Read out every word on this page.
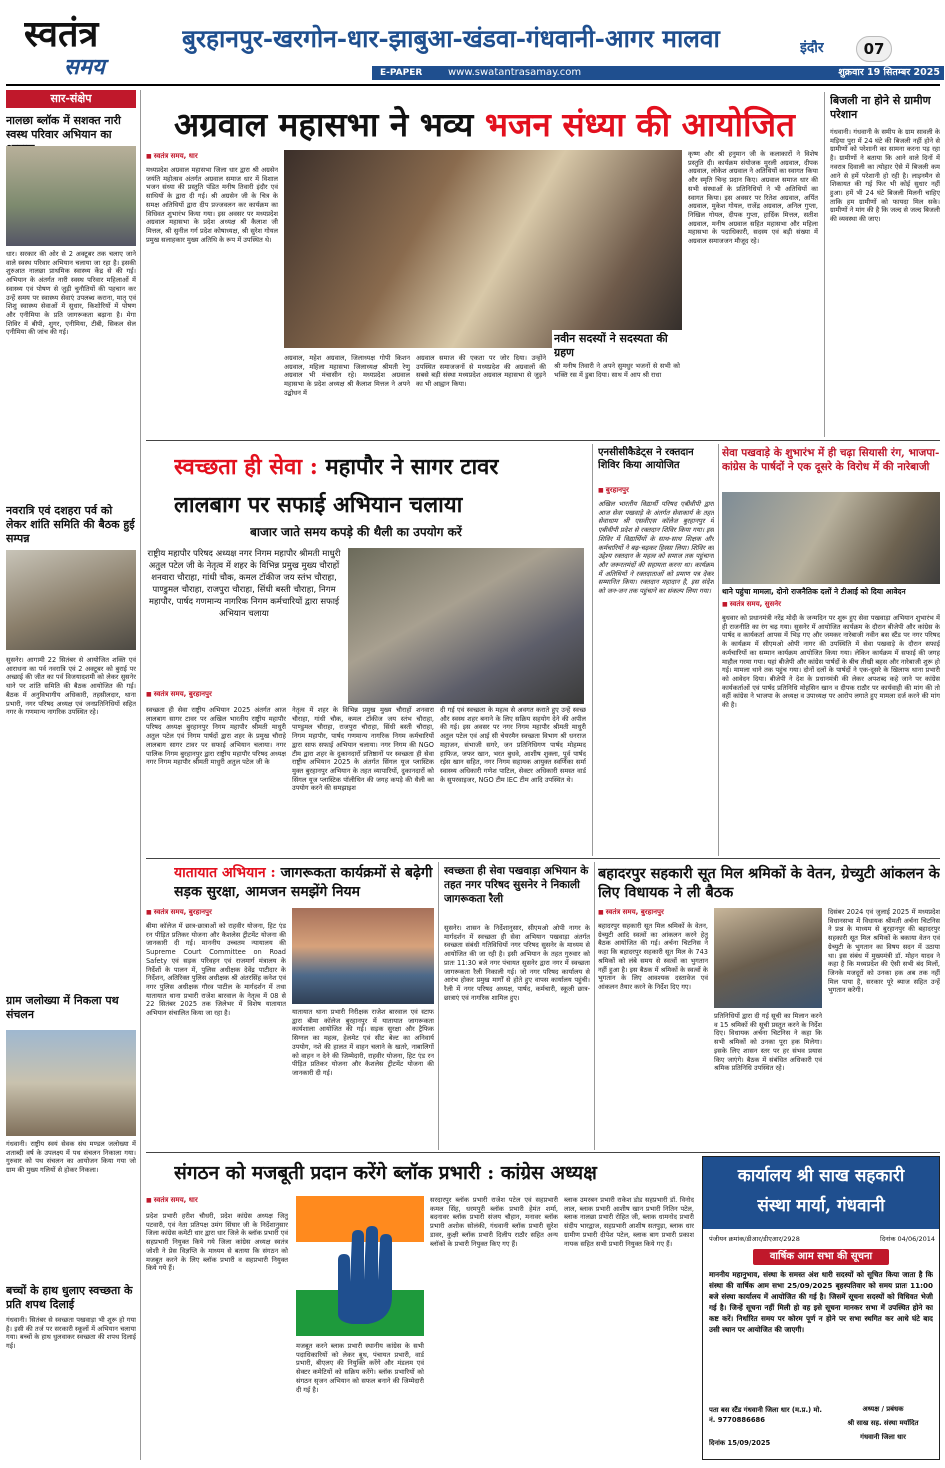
स्वतंत्र
समय
बुरहानपुर-खरगोन-धार-झाबुआ-खंडवा-गंधवानी-आगर मालवा	इंदौर	07
E-PAPER	www.swatantrasamay.com	शुक्रवार 19 सितम्बर 2025
सार-संक्षेप
नालछा ब्लॉक में सशक्त नारी स्वस्थ परिवार अभियान का
धार। सरकार की ओर से 2 अक्टूबर तक चलाए जाने वाले स्वस्थ परिवार अभियान चलाया जा रहा है। इसकी शुरुआत नालछा प्राथमिक स्वास्थ्य केंद्र से की गई। अभियान के अंतर्गत नारी स्वस्थ परिवार महिलाओं में स्वास्थ्य एवं पोषण से जुड़ी चुनौतियों की पहचान कर उन्हें समय पर स्वास्थ्य सेवाएं उपलब्ध कराना, मातृ एवं शिशु स्वास्थ्य सेवाओं में सुधार, किशोरियों में पोषण और एनीमिया के प्रति जागरूकता बढ़ाना है। मेगा शिविर में बीपी, शुगर, एनीमिया, टीबी, सिकल सेल एनीमिया की जांच की गई।
नवरात्रि एवं दशहरा पर्व को लेकर शांति समिति की बैठक हुई सम्पन्न
सुसनेर। आगामी 22 सितंबर से आयोजित शक्ति एवं आराधना का पर्व नवरात्रि एवं 2 अक्टूबर को बुराई पर अच्छाई की जीत का पर्व विजयादशमी को लेकर सुसनेर थाने पर शांति समिति की बैठक आयोजित की गई। बैठक में अनुविभागीय अधिकारी, तहसीलदार, थाना प्रभारी, नगर परिषद अध्यक्ष एवं जनप्रतिनिधियों सहित नगर के गणमान्य नागरिक उपस्थित रहे।
ग्राम जलोख्या में निकला पथ संचलन
गंधवानी। राष्ट्रीय स्वयं सेवक संघ मण्डल जलोख्या में शताब्दी वर्ष के उपलक्ष्य में पथ संचलन निकाला गया। गुरुवार को पथ संचलन का आयोजन किया गया जो ग्राम की मुख्य गलियों से होकर निकला।
बच्चों के हाथ धुलाए स्वच्छता के प्रति शपथ दिलाई
गंधवानी। सितंबर से स्वच्छता पखवाड़ा भी शुरू हो गया है। इसी की तर्ज पर सरकारी स्कूलों में अभियान चलाया गया। बच्चों के हाथ धुलवाकर स्वच्छता की शपथ दिलाई गई।
अग्रवाल महासभा ने भव्य भजन संध्या की आयोजित
■ स्वतंत्र समय, धार
मध्यप्रदेश अग्रवाल महासभा जिला धार द्वारा श्री अग्रसेन जयंति महोत्सव अंतर्गत अग्रवाल समाज धार में विशाल भजन संध्या की प्रस्तुति पंडित मनीष तिवारी इंदौर एवं साथियों के द्वारा दी गई। श्री अग्रसेन जी के चित्र के समक्ष अतिथियों द्वारा दीप प्रज्जवलन कर कार्यक्रम का विधिवत शुभारंभ किया गया। इस अवसर पर मध्यप्रदेश अग्रवाल महासभा के प्रदेश अध्यक्ष श्री कैलाश जी मित्तल, श्री सुनील गर्ग प्रदेश कोषाध्यक्ष, श्री सुरेश गोयल प्रमुख सलाहकार मुख्य अतिथि के रूप में उपस्थित थे।
अग्रवाल, महेश अग्रवाल, जिलाध्यक्ष गोपी किशन अग्रवाल, महिला महासभा जिलाध्यक्ष श्रीमती रेणु अग्रवाल भी मंचासीन रहे। मध्यप्रदेश अग्रवाल महासभा के प्रदेश अध्यक्ष श्री कैलाश मित्तल ने अपने उद्बोधन में
अग्रवाल समाज की एकता पर जोर दिया। उन्होंने उपस्थित समाजजनों से मध्यप्रदेश की अग्रवालों की सबसे बड़ी संस्था मध्यप्रदेश अग्रवाल महासभा से जुड़ने का भी आह्वान किया।
नवीन सदस्यों ने सदस्यता की ग्रहण
श्री मनीष तिवारी ने अपने सुमधुर भजनों से सभी को भक्ति रस में डुबा दिया। साथ में आप श्री राधा
कृष्ण और श्री हनुमान जी के कलाकारों ने विशेष प्रस्तुति दी। कार्यक्रम संयोजक मुरली अग्रवाल, दीपक अग्रवाल, लोकेश अग्रवाल ने अतिथियों का स्वागत किया और स्मृति चिन्ह प्रदान किए। अग्रवाल समाज धार की सभी संस्थाओं के प्रतिनिधियों ने भी अतिथियों का स्वागत किया। इस अवसर पर रितेश अग्रवाल, अर्पित अग्रवाल, मुकेश गोयल, राजेंद्र अग्रवाल, अनिल गुप्ता, निखिल गोयल, दीपक गुप्ता, हार्दिक मित्तल, सतीश अग्रवाल, मनीष अग्रवाल सहित महासभा और महिला महासभा के पदाधिकारी, सदस्य एवं बड़ी संख्या में अग्रवाल समाजजन मौजूद रहे।
बिजली ना होने से ग्रामीण परेशान
गंधवानी। गंधवानी के समीप के ग्राम सावली के मड़िया पुरा में 24 घंटे की बिजली नहीं होने से ग्रामीणों को परेशानी का सामना करना पड़ रहा है। ग्रामीणों ने बताया कि आने वाले दिनों में नवरात्र दिवाली का त्योहार ऐसे में बिजली कम आने से हमें परेशानी हो रही है। लाइनमैन से शिकायत की गई फिर भी कोई सुधार नहीं हुआ। हमें भी 24 घंटे बिजली मिलनी चाहिए ताकि हम ग्रामीणों को फायदा मिल सके। ग्रामीणों ने मांग की है कि जल्द से जल्द बिजली की व्यवस्था की जाए।
स्वच्छता ही सेवा : महापौर ने सागर टावर
लालबाग पर सफाई अभियान चलाया
बाजार जाते समय कपड़े की थैली का उपयोग करें
राष्ट्रीय महापौर परिषद अध्यक्ष नगर निगम महापौर श्रीमती माधुरी अतुल पटेल जी के नेतृत्व में शहर के विभिन्न प्रमुख मुख्य चौराहों शनवारा चौराहा, गांधी चौक, कमल टॉकीज जय स्तंभ चौराहा, पाण्डुमल चौराहा, राजपुरा चौराहा, सिंधी बस्ती चौराहा, निगम महापौर, पार्षद गणमान्य नागरिक निगम कर्मचारियों द्वारा सफाई अभियान चलाया
■ स्वतंत्र समय, बुरहानपुर
स्वच्छता ही सेवा राष्ट्रीय अभियान 2025 अंतर्गत आज लालबाग सागर टावर पर अखिल भारतीय राष्ट्रीय महापौर परिषद अध्यक्ष बुरहानपुर निगम महापौर श्रीमती माधुरी अतुल पटेल एवं निगम पार्षदों द्वारा शहर के प्रमुख चौराहे लालबाग सागर टावर पर सफाई अभियान चलाया। नगर पालिक निगम बुरहानपुर द्वारा राष्ट्रीय महापौर परिषद अध्यक्ष नगर निगम महापौर श्रीमती माधुरी अतुल पटेल जी के
नेतृत्व में शहर के विभिन्न प्रमुख मुख्य चौराहों शनवारा चौराहा, गांधी चौक, कमल टॉकीज जय स्तंभ चौराहा, पाण्डुमल चौराहा, राजपुरा चौराहा, सिंधी बस्ती चौराहा, निगम महापौर, पार्षद गणमान्य नागरिक निगम कर्मचारियों द्वारा साफ सफाई अभियान चलाया। नगर निगम की NGO टीम द्वारा शहर के दुकानदारों प्रतिष्ठानों पर स्वच्छता ही सेवा राष्ट्रीय अभियान 2025 के अंतर्गत सिंगल यूज प्लास्टिक मुक्त बुरहानपुर अभियान के तहत व्यापारियों, दुकानदारों को सिंगल यूज प्लास्टिक पॉलीथिन की जगह कपड़े की थैली का उपयोग करने की समझाइश
दी गई एवं स्वच्छता के महत्व से अवगत कराते हुए उन्हें स्वच्छ और स्वस्थ शहर बनाने के लिए सक्रिय सहयोग देने की अपील की गई। इस अवसर पर नगर निगम महापौर श्रीमती माधुरी अतुल पटेल एवं आई सी चेयरमैन स्वच्छता विभाग श्री धनराज महाजन, संभाजी सगरे, जन प्रतिनिधिगण पार्षद मोहम्मद हाफिज, जफर खान, भरत बुधवे, आशीष शुक्ला, पूर्व पार्षद रईस खान सहित, नगर निगम सहायक आयुक्त स्वर्णिका सर्मा स्वास्थ्य अधिकारी गणेश पाटिल, सेक्टर अधिकारी समस्त वार्ड के सुपरवाइजर, NGO टीम IEC टीम आदि उपस्थित थे।
एनसीसीकैडेट्स ने रक्तदान शिविर किया आयोजित
■ बुरहानपुर
अखिल भारतीय विद्यार्थी परिषद एबीवीपी द्वारा आज सेवा पखवाड़े के अंतर्गत सेवाकार्य के तहत सेवाधाम श्री एसवीएस कॉलेज बुरहानपुर में एबीवीपी प्रदेश से रक्तदान शिविर किया गया। इस शिविर में विद्यार्थियों के साथ-साथ शिक्षक और कर्मचारियों ने बढ़-चढ़कर हिस्सा लिया। शिविर का उद्देश्य रक्तदान के महत्व को समाज तक पहुंचाना और जरूरतमंदों की सहायता करना था। कार्यक्रम में अतिथियों ने रक्तदाताओं को प्रमाण पत्र देकर सम्मानित किया। रक्तदान महादान है, इस संदेश को जन-जन तक पहुंचाने का संकल्प लिया गया।
सेवा पखवाड़े के शुभारंभ में ही चढ़ा सियासी रंग, भाजपा-कांग्रेस के पार्षदों ने एक दूसरे के विरोध में की नारेबाजी
थाने पहुंचा मामला, दोनो राजनैतिक दलों ने टीआई को दिया आवेदन
■ स्वतंत्र समय, सुसनेर
बुधवार को प्रधानमंत्री नरेंद्र मोदी के जन्मदिन पर शुरू हुए सेवा पखवाड़ा अभियान शुभारंभ में ही राजनीति का रंग चढ़ गया। सुसनेर में आयोजित कार्यक्रम के दौरान बीजेपी और कांग्रेस के पार्षद व कार्यकर्ता आपस में भिड़ गए और जमकर नारेबाजी नवीन बस स्टैंड पर नगर परिषद के कार्यक्रम में सीएमओ ओपी नागर की उपस्थिति में सेवा पखवाड़े के दौरान सफाई कर्मचारियों का सम्मान कार्यक्रम आयोजित किया गया। लेकिन कार्यक्रम में सफाई की जगह माहौल गरमा गया। यहां बीजेपी और कांग्रेस पार्षदों के बीच तीखी बहस और नारेबाजी शुरू हो गई। मामला थाने तक पहुंच गया। दोनों दलों के पार्षदों ने एक-दूसरे के खिलाफ थाना प्रभारी को आवेदन दिया। बीजेपी ने देश के प्रधानमंत्री की लेकर अपशब्द कहे जाने पर कांग्रेस कार्यकर्ताओं एवं पार्षद प्रतिनिधि मोहसिन खान व दीपक राठौर पर कार्यवाही की मांग की तो वहीं कांग्रेस ने भाजपा के अध्यक्ष व उपाध्यक्ष पर आरोप लगाते हुए मामला दर्ज करने की मांग की है।
यातायात अभियान : जागरूकता कार्यक्रमों से बढ़ेगी सड़क सुरक्षा, आमजन समझेंगे नियम
■ स्वतंत्र समय, बुरहानपुर
बीमा कॉलेज में छात्र-छात्राओं को राहवीर योजना, हिट एंड रन पीड़ित प्रतिकर योजना और कैशलेस ट्रीटमेंट योजना की जानकारी दी गई। माननीय उच्चतम न्यायालय की Supreme Court Committee on Road Safety एवं सड़क परिवहन एवं राजमार्ग मंत्रालय के निर्देशों के पालन में, पुलिस अधीक्षक देवेंद्र पाटीदार के निर्देशन, अतिरिक्त पुलिस अधीक्षक श्री अंतरसिंह कनेश एवं नगर पुलिस अधीक्षक गौरव पाटील के मार्गदर्शन में तथा यातायात थाना प्रभारी राजेश बारवाल के नेतृत्व में 08 से 22 सितंबर 2025 तक जिलेभर में विशेष यातायात अभियान संचालित किया जा रहा है।	यातायात थाना प्रभारी निरीक्षक राजेश बारवाल एवं स्टाफ द्वारा बीमा कॉलेज बुरहानपुर में यातायात जागरूकता कार्यशाला आयोजित की गई। सड़क सुरक्षा और ट्रैफिक सिग्नल का महत्व, हेलमेट एवं सीट बेल्ट का अनिवार्य उपयोग, नशे की हालत में वाहन चलाने के खतरे, नाबालिगों को वाहन न देने की जिम्मेदारी, राहवीर योजना, हिट एंड रन पीड़ित प्रतिकर योजना और कैशलेस ट्रीटमेंट योजना की जानकारी दी गई।
स्वच्छता ही सेवा पखवाड़ा अभियान के तहत नगर परिषद सुसनेर ने निकाली जागरूकता रैली
सुसनेर। शासन के निर्देशानुसार, सीएमओ ओपी नागर के मार्गदर्शन में स्वच्छता ही सेवा अभियान पखवाड़ा अंतर्गत स्वच्छता संबंधी गतिविधियों नगर परिषद सुसनेर के माध्यम से आयोजित की जा रही है। इसी अभियान के तहत गुरुवार को प्रातः 11:30 बजे नगर पंचायत सुसनेर द्वारा नगर में स्वच्छता जागरूकता रैली निकाली गई। जो नगर परिषद कार्यालय से आरंभ होकर प्रमुख मार्गों से होते हुए वापस कार्यालय पहुंची। रैली में नगर परिषद अध्यक्ष, पार्षद, कर्मचारी, स्कूली छात्र-छात्राएं एवं नागरिक शामिल हुए।
बहादरपुर सहकारी सूत मिल श्रमिकों के वेतन, ग्रेच्युटी आंकलन के लिए विधायक ने ली बैठक
■ स्वतंत्र समय, बुरहानपुर
बहादरपुर सहकारी सूत मिल श्रमिकों के वेतन, ग्रेच्युटी आदि स्वत्वों का आंकलन करने हेतु बैठक आयोजित की गई। अर्चना चिटनिस ने कहा कि बहादरपुर सहकारी सूत मिल के 743 श्रमिकों को लंबे समय से स्वत्वों का भुगतान नहीं हुआ है। इस बैठक में श्रमिकों के स्वत्वों के भुगतान के लिए आवश्यक दस्तावेज एवं आंकलन तैयार करने के निर्देश दिए गए।
प्रतिनिधियों द्वारा दी गई सूची का मिलान करने व 15 श्रमिकों की सूची प्रस्तुत करने के निर्देश दिए। विधायक अर्चना चिटनिस ने कहा कि सभी श्रमिकों को उनका पूरा हक मिलेगा। इसके लिए शासन स्तर पर हर संभव प्रयास किए जाएंगे। बैठक में संबंधित अधिकारी एवं श्रमिक प्रतिनिधि उपस्थित रहे।
दिसंबर 2024 एवं जुलाई 2025 में मध्यप्रदेश विधानसभा में विधायक श्रीमती अर्चना चिटनिस ने प्रश्न के माध्यम से बुरहानपुर की बहादरपुर सहकारी सूत मिल श्रमिकों के बकाया वेतन एवं ग्रेच्युटी के भुगतान का विषय सदन में उठाया था। इस संबंध में मुख्यमंत्री डॉ. मोहन यादव ने कहा है कि मध्यप्रदेश की ऐसी सभी बंद मिलों, जिनके मजदूरों को उनका हक अब तक नहीं मिल पाया है, सरकार पूरे ब्याज सहित उन्हें भुगतान करेगी।
संगठन को मजबूती प्रदान करेंगे ब्लॉक प्रभारी : कांग्रेस अध्यक्ष
■ स्वतंत्र समय, धार
प्रदेश प्रभारी हरीश चौधरी, प्रदेश कांग्रेस अध्यक्ष जितु पटवारी, एवं नेता प्रतिपक्ष उमंग सिंघार जी के निर्देशानुसार जिला कांग्रेस कमेटी धार द्वारा धार जिले के ब्लॉक प्रभारी एवं सहप्रभारी नियुक्त किये गये जिला कांग्रेस अध्यक्ष स्वतंत्र जोशी ने प्रेस विज्ञप्ति के माध्यम से बताया कि संगठन को मजबूत करने के लिए ब्लॉक प्रभारी व सहप्रभारी नियुक्त किये गये हैं।
मजबूत करने ब्लाक प्रभारी स्थानीय कांग्रेस के सभी पदाधिकारियों को लेकर बूथ, पंचायत प्रभारी, वार्ड प्रभारी, बीएलए की नियुक्ति करेंगे और मंडलम एवं सेक्टर कमेटियों को सक्रिय करेंगे। ब्लॉक प्रभारियों को संगठन सृजन अभियान को सफल बनाने की जिम्मेदारी दी गई है।
सरदारपुर ब्लॉक प्रभारी राजेश पटेल एवं सहप्रभारी कमल सिंह, धरमपुरी ब्लॉक प्रभारी हेमंत शर्मा, बदनावर ब्लॉक प्रभारी संजय चौहान, मनावर ब्लॉक प्रभारी अशोक सोलंकी, गंधवानी ब्लॉक प्रभारी सुरेश डावर, कुक्षी ब्लॉक प्रभारी दिलीप राठौर सहित अन्य ब्लॉकों के प्रभारी नियुक्त किए गए हैं।
ब्लाक उमरबन प्रभारी राकेश डोड सहप्रभारी डॉ. विनोद लाल, ब्लाक प्रभारी आशीष खान प्रभारी नितिन पटेल, ब्लाक नालछा प्रभारी रोहित जी, ब्लाक धामनोद प्रभारी संदीप भारद्वाज, सहप्रभारी आशीष सतपुड़ा, ब्लाक धार ग्रामीण प्रभारी दीपेश पटेल, ब्लाक बाग प्रभारी प्रकाश नायक सहित सभी प्रभारी नियुक्त किये गए हैं।
कार्यालय श्री साख सहकारी
संस्था मार्या, गंधवानी
पंजीयन क्रमांक/डीआर/डीएआर/2928	दिनांक 04/06/2014
वार्षिक आम सभा की सूचना
माननीय महानुभाव, संस्था के समस्त अंश धारी सदस्यों को सूचित किया जाता है कि संस्था की वार्षिक आम सभा 25/09/2025 बृहस्पतिवार को समय प्रातः 11:00 बजे संस्था कार्यालय में आयोजित की गई है। जिसमें सूचना सदस्यों को विधिवत भेजी गई है। जिन्हें सूचना नहीं मिली हो वह इसे सूचना मानकर सभा में उपस्थित होने का कष्ट करें। निर्धारित समय पर कोरम पूर्ण न होने पर सभा स्थगित कर आधे घंटे बाद उसी स्थान पर आयोजित की जाएगी।
पता बस स्टैंड गंधवानी जिला धार (म.प्र.) मो. नं. 9770886686
दिनांक 15/09/2025
अध्यक्ष / प्रबंधक
श्री साख सह. संस्था मर्यादित
गंधवानी जिला धार
